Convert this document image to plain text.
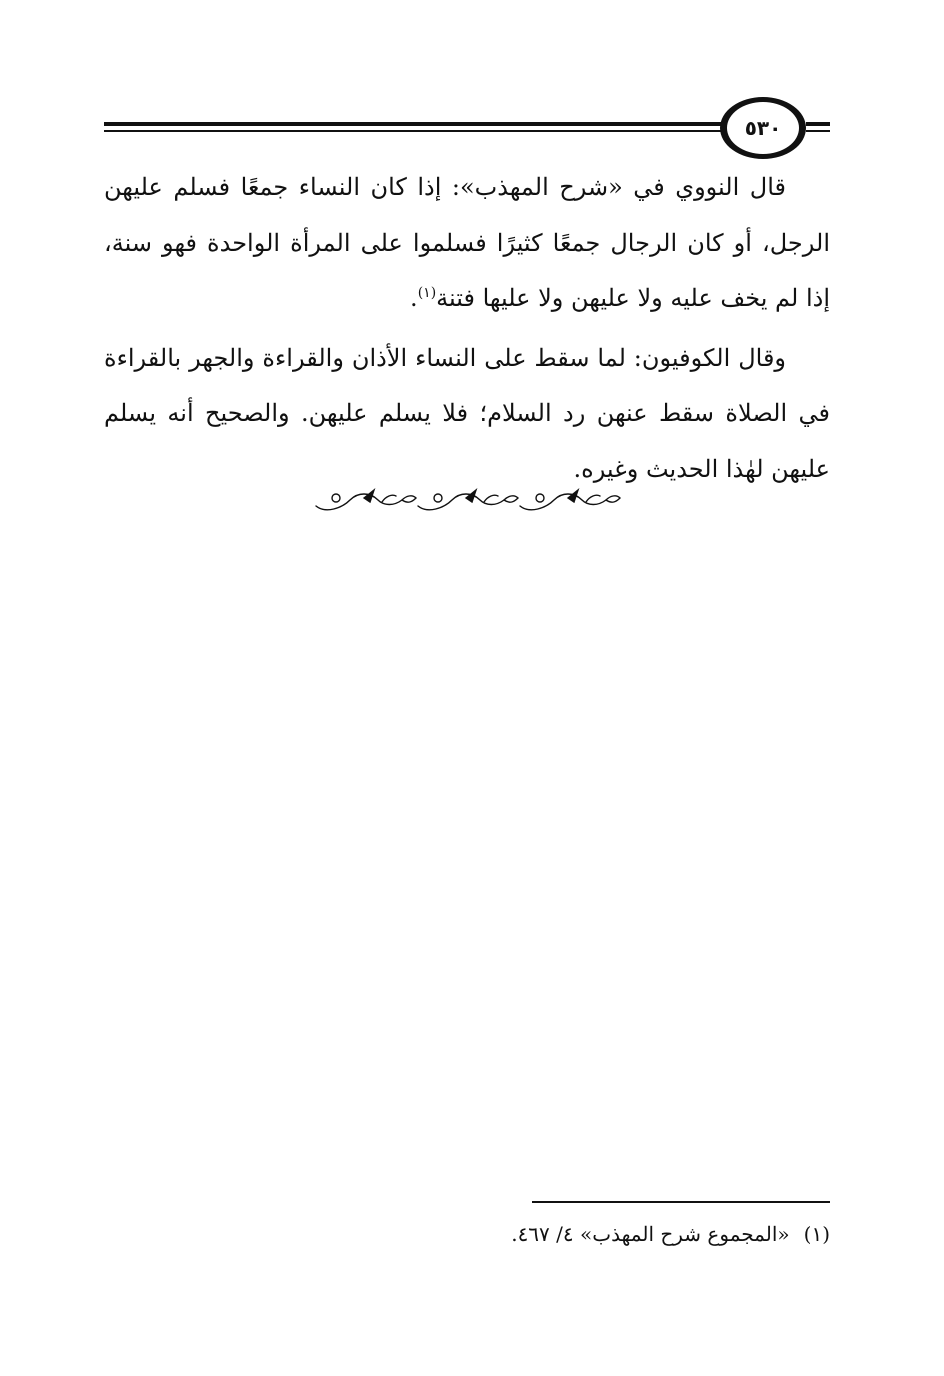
٥٣٠

قال النووي في «شرح المهذب»: إذا كان النساء جمعًا فسلم عليهن الرجل، أو كان الرجال جمعًا كثيرًا فسلموا على المرأة الواحدة فهو سنة، إذا لم يخف عليه ولا عليهن ولا عليها فتنة$^{(١)}$.

وقال الكوفيون: لما سقط على النساء الأذان والقراءة والجهر بالقراءة في الصلاة سقط عنهن رد السلام؛ فلا يسلم عليهن. والصحيح أنه يسلم عليهن لهٰذا الحديث وغيره.

(١)«المجموع شرح المهذب» ٤/ ٤٦٧.
